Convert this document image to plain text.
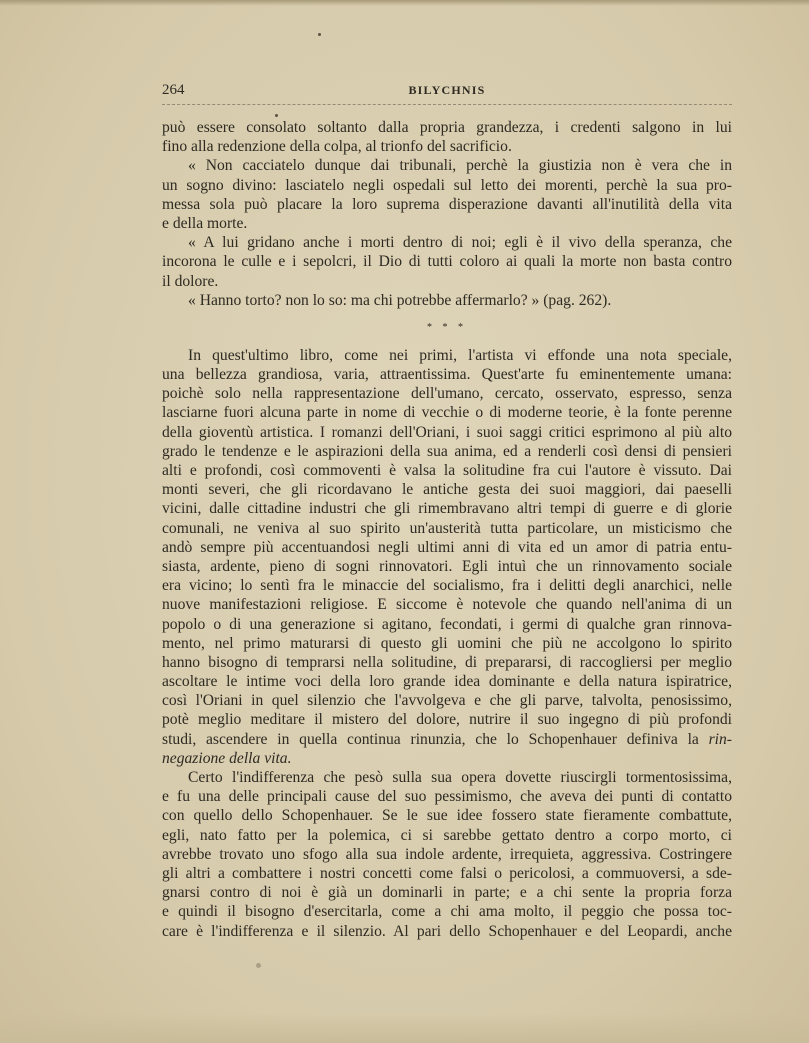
264	BILYCHNIS
può essere consolato soltanto dalla propria grandezza, i credenti salgono in lui
fino alla redenzione della colpa, al trionfo del sacrificio.
« Non cacciatelo dunque dai tribunali, perchè la giustizia non è vera che in
un sogno divino: lasciatelo negli ospedali sul letto dei morenti, perchè la sua pro-
messa sola può placare la loro suprema disperazione davanti all'inutilità della vita
e della morte.
« A lui gridano anche i morti dentro di noi; egli è il vivo della speranza, che
incorona le culle e i sepolcri, il Dio di tutti coloro ai quali la morte non basta contro
il dolore.
« Hanno torto? non lo so: ma chi potrebbe affermarlo? » (pag. 262).
* * *
In quest'ultimo libro, come nei primi, l'artista vi effonde una nota speciale,
una bellezza grandiosa, varia, attraentissima. Quest'arte fu eminentemente umana:
poichè solo nella rappresentazione dell'umano, cercato, osservato, espresso, senza
lasciarne fuori alcuna parte in nome di vecchie o di moderne teorie, è la fonte perenne
della gioventù artistica. I romanzi dell'Oriani, i suoi saggi critici esprimono al più alto
grado le tendenze e le aspirazioni della sua anima, ed a renderli così densi di pensieri
alti e profondi, così commoventi è valsa la solitudine fra cui l'autore è vissuto. Dai
monti severi, che gli ricordavano le antiche gesta dei suoi maggiori, dai paeselli
vicini, dalle cittadine industri che gli rimembravano altri tempi di guerre e di glorie
comunali, ne veniva al suo spirito un'austerità tutta particolare, un misticismo che
andò sempre più accentuandosi negli ultimi anni di vita ed un amor di patria entu-
siasta, ardente, pieno di sogni rinnovatori. Egli intuì che un rinnovamento sociale
era vicino; lo sentì fra le minaccie del socialismo, fra i delitti degli anarchici, nelle
nuove manifestazioni religiose. E siccome è notevole che quando nell'anima di un
popolo o di una generazione si agitano, fecondati, i germi di qualche gran rinnova-
mento, nel primo maturarsi di questo gli uomini che più ne accolgono lo spirito
hanno bisogno di temprarsi nella solitudine, di prepararsi, di raccogliersi per meglio
ascoltare le intime voci della loro grande idea dominante e della natura ispiratrice,
così l'Oriani in quel silenzio che l'avvolgeva e che gli parve, talvolta, penosissimo,
potè meglio meditare il mistero del dolore, nutrire il suo ingegno di più profondi
studi, ascendere in quella continua rinunzia, che lo Schopenhauer definiva la rin-
negazione della vita.
Certo l'indifferenza che pesò sulla sua opera dovette riuscirgli tormentosissima,
e fu una delle principali cause del suo pessimismo, che aveva dei punti di contatto
con quello dello Schopenhauer. Se le sue idee fossero state fieramente combattute,
egli, nato fatto per la polemica, ci si sarebbe gettato dentro a corpo morto, ci
avrebbe trovato uno sfogo alla sua indole ardente, irrequieta, aggressiva. Costringere
gli altri a combattere i nostri concetti come falsi o pericolosi, a commuoversi, a sde-
gnarsi contro di noi è già un dominarli in parte; e a chi sente la propria forza
e quindi il bisogno d'esercitarla, come a chi ama molto, il peggio che possa toc-
care è l'indifferenza e il silenzio. Al pari dello Schopenhauer e del Leopardi, anche
